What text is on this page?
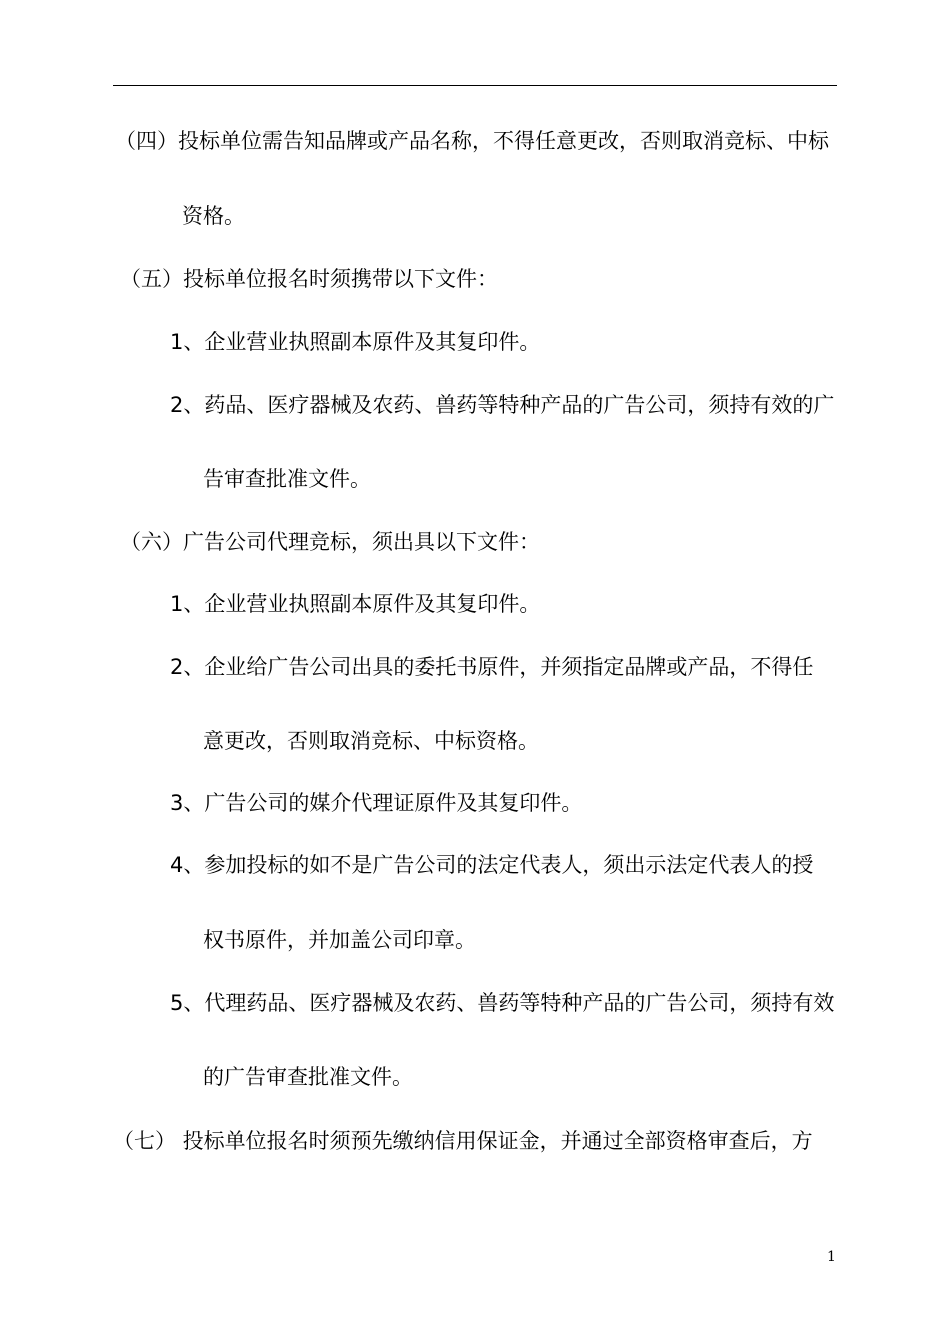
（四）投标单位需告知品牌或产品名称，不得任意更改，否则取消竞标、中标
资格。
（五）投标单位报名时须携带以下文件：
1、企业营业执照副本原件及其复印件。
2、药品、医疗器械及农药、兽药等特种产品的广告公司，须持有效的广
告审查批准文件。
（六）广告公司代理竞标，须出具以下文件：
1、企业营业执照副本原件及其复印件。
2、企业给广告公司出具的委托书原件，并须指定品牌或产品，不得任
意更改，否则取消竞标、中标资格。
3、广告公司的媒介代理证原件及其复印件。
4、参加投标的如不是广告公司的法定代表人，须出示法定代表人的授
权书原件，并加盖公司印章。
5、代理药品、医疗器械及农药、兽药等特种产品的广告公司，须持有效
的广告审查批准文件。
（七） 投标单位报名时须预先缴纳信用保证金，并通过全部资格审查后，方
1
